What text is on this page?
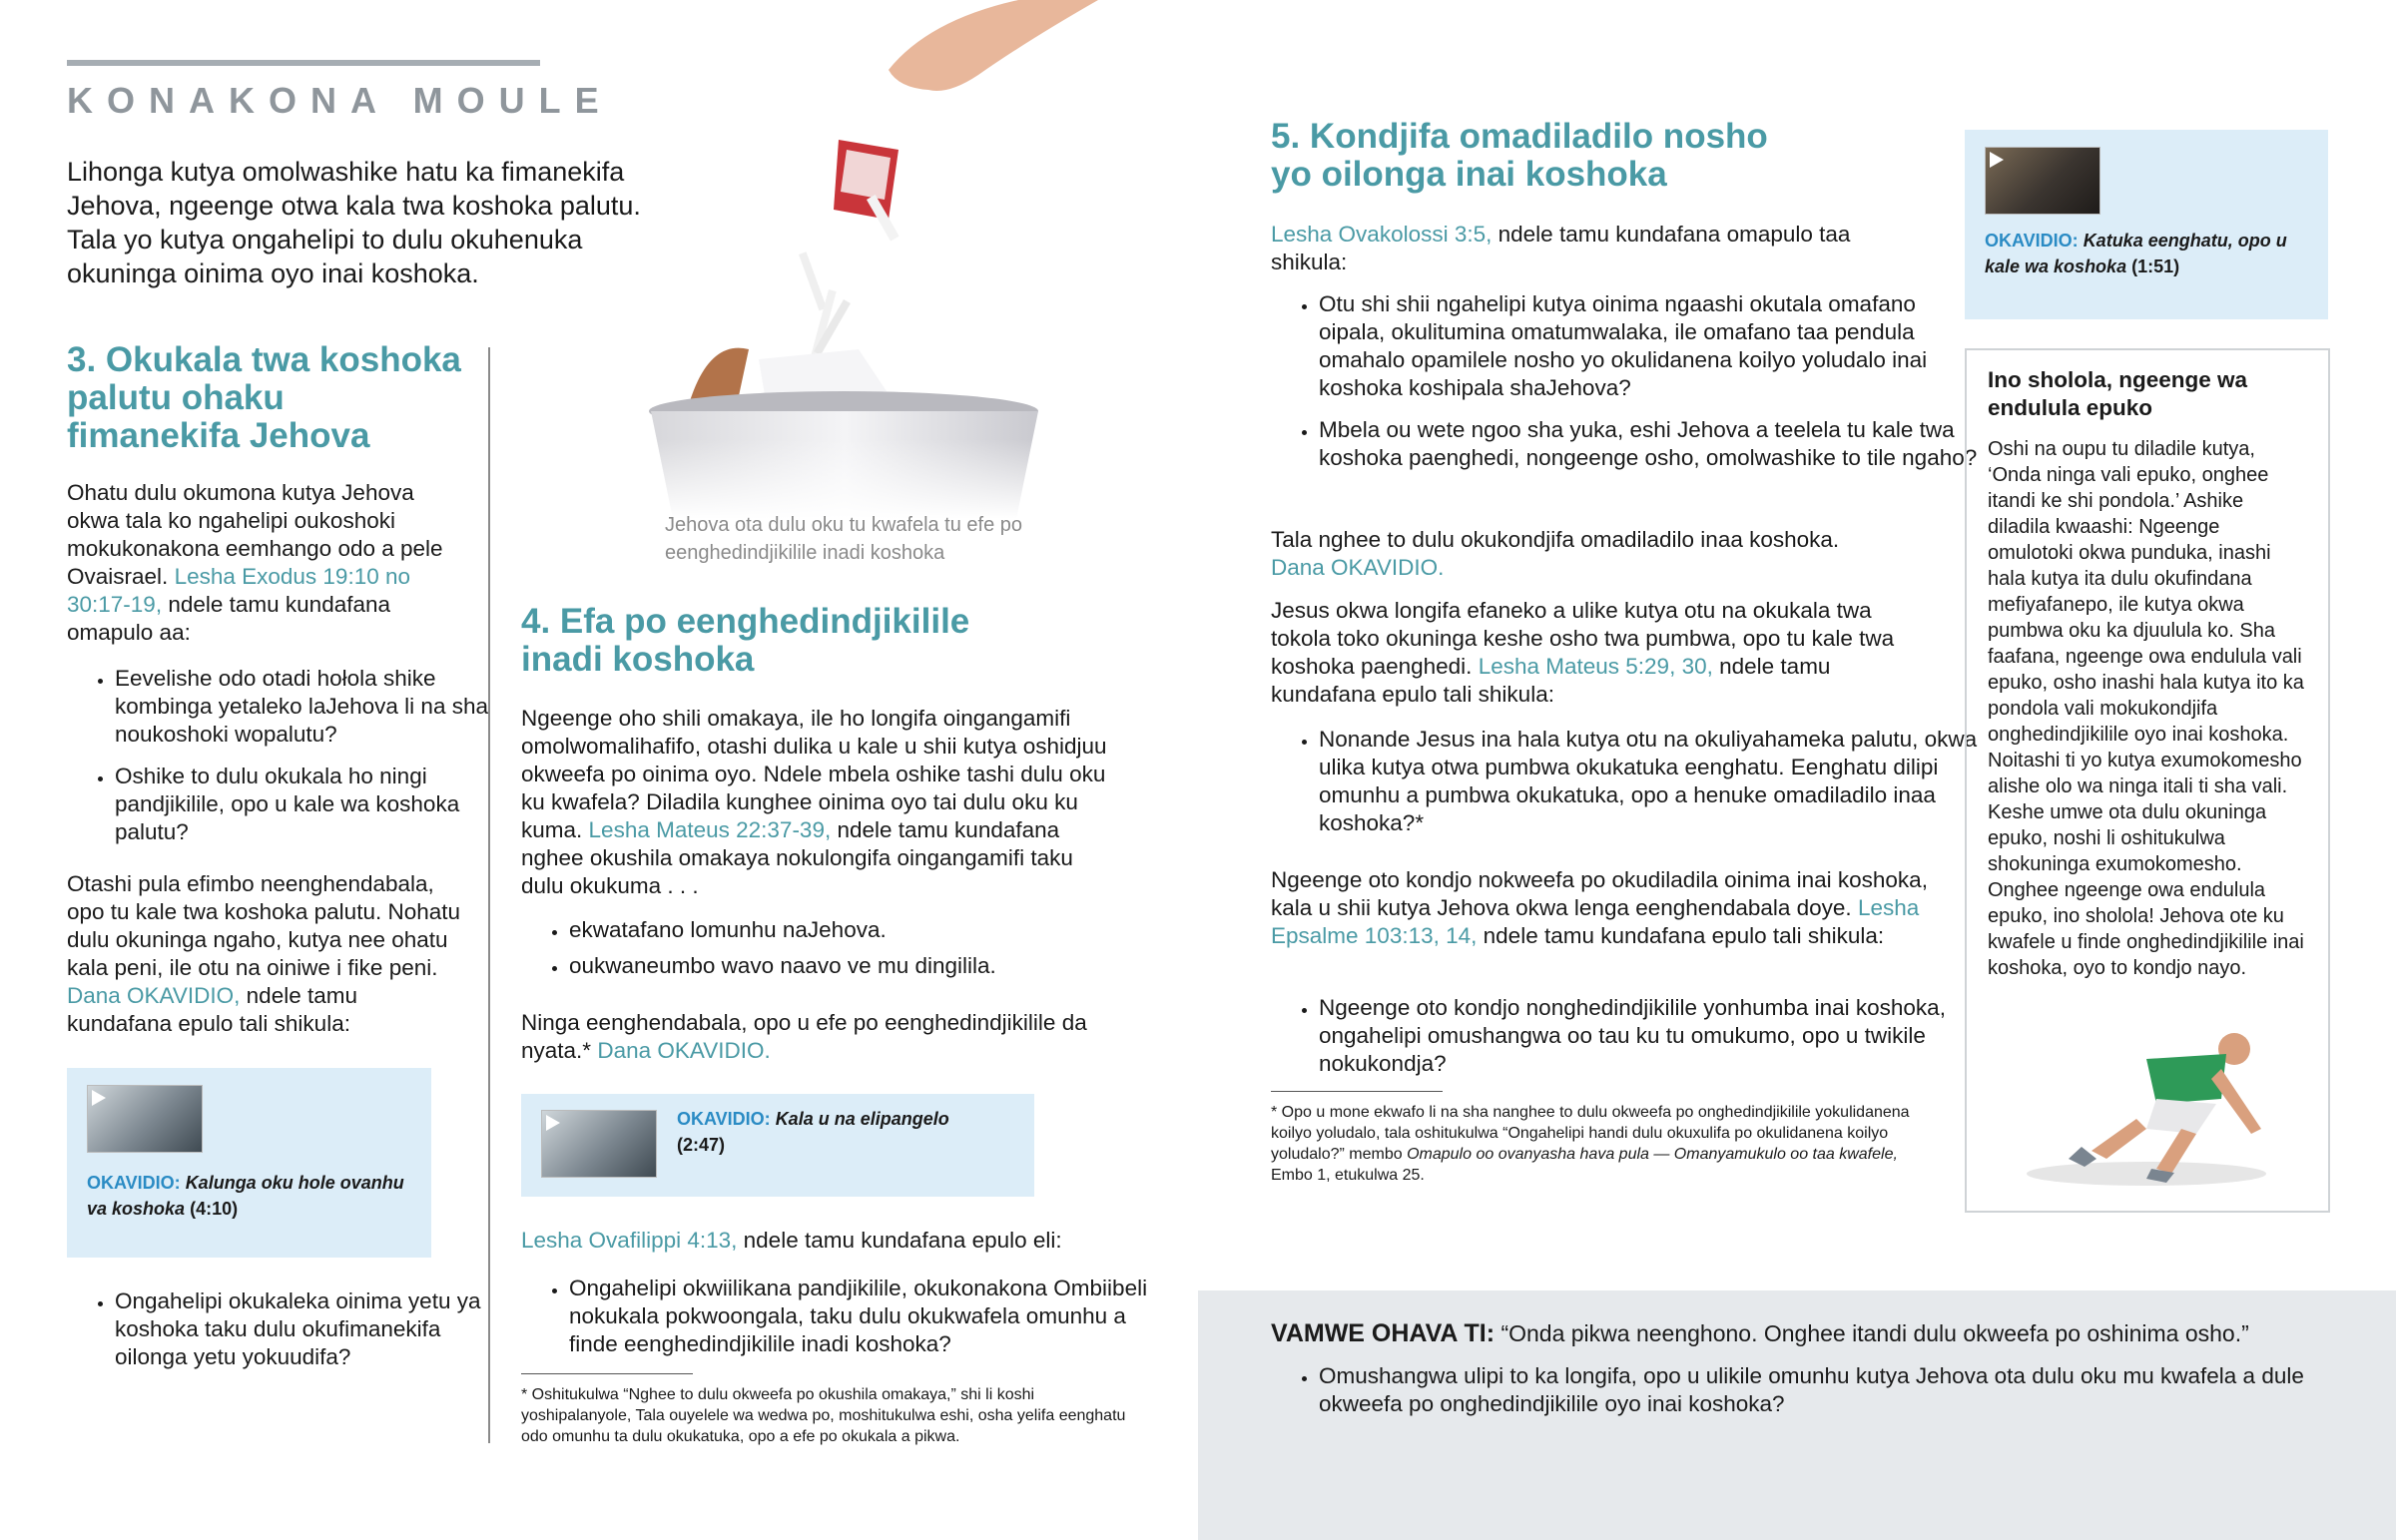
KONAKONA MOULE
Lihonga kutya omolwashike hatu ka fimanekifa Jehova, ngeenge otwa kala twa koshoka palutu. Tala yo kutya ongahelipi to dulu okuhenuka okuninga oinima oyo inai koshoka.
3. Okukala twa koshoka palutu ohaku fimanekifa Jehova
Ohatu dulu okumona kutya Jehova okwa tala ko ngahelipi oukoshoki mokukonakona eemhango odo a pele Ovaisrael. Lesha Exodus 19:10 no 30:17-19, ndele tamu kundafana omapulo aa:
• Eevelishe odo otadi hołola shike kombinga yetaleko laJehova li na sha noukoshoki wopalutu?
• Oshike to dulu okukala ho ningi pandjikilile, opo u kale wa koshoka palutu?
Otashi pula efimbo neenghendabala, opo tu kale twa koshoka palutu. Nohatu dulu okuninga ngaho, kutya nee ohatu kala peni, ile otu na oiniwe i fike peni. Dana OKAVIDIO, ndele tamu kundafana epulo tali shikula:
OKAVIDIO: Kalunga oku hole ovanhu va koshoka (4:10)
• Ongahelipi okukaleka oinima yetu ya koshoka taku dulu okufimanekifa oilonga yetu yokuudifa?
Jehova ota dulu oku tu kwafela tu efe po eenghedindjikilile inadi koshoka
4. Efa po eenghedindjikilile inadi koshoka
Ngeenge oho shili omakaya, ile ho longifa oingangamifi omolwomalihafifo, otashi dulika u kale u shii kutya oshidjuu okweefa po oinima oyo. Ndele mbela oshike tashi dulu oku ku kwafela? Diladila kunghee oinima oyo tai dulu oku ku kuma. Lesha Mateus 22:37-39, ndele tamu kundafana nghee okushila omakaya nokulongifa oingangamifi taku dulu okukuma . . .
• ekwatafano lomunhu naJehova.
• oukwaneumbo wavo naavo ve mu dingilila.
Ninga eenghendabala, opo u efe po eenghedindjikilile da nyata.* Dana OKAVIDIO.
OKAVIDIO: Kala u na elipangelo
(2:47)
Lesha Ovafilippi 4:13, ndele tamu kundafana epulo eli:
• Ongahelipi okwiilikana pandjikilile, okukonakona Ombiibeli nokukala pokwoongala, taku dulu okukwafela omunhu a finde eenghedindjikilile inadi koshoka?
* Oshitukulwa “Nghee to dulu okweefa po okushila omakaya,” shi li koshi yoshipalanyole, Tala ouyelele wa wedwa po, moshitukulwa eshi, osha yelifa eenghatu odo omunhu ta dulu okukatuka, opo a efe po okukala a pikwa.
5. Kondjifa omadiladilo nosho yo oilonga inai koshoka
Lesha Ovakolossi 3:5, ndele tamu kundafana omapulo taa shikula:
• Otu shi shii ngahelipi kutya oinima ngaashi okutala omafano oipala, okulitumina omatumwalaka, ile omafano taa pendula omahalo opamilele nosho yo okulidanena koilyo yoludalo inai koshoka koshipala shaJehova?
• Mbela ou wete ngoo sha yuka, eshi Jehova a teelela tu kale twa koshoka paenghedi, nongeenge osho, omolwashike to tile ngaho?
Tala nghee to dulu okukondjifa omadiladilo inaa koshoka.
Dana OKAVIDIO.
Jesus okwa longifa efaneko a ulike kutya otu na okukala twa tokola toko okuninga keshe osho twa pumbwa, opo tu kale twa koshoka paenghedi. Lesha Mateus 5:29, 30, ndele tamu kundafana epulo tali shikula:
• Nonande Jesus ina hala kutya otu na okuliyahameka palutu, okwa ulika kutya otwa pumbwa okukatuka eenghatu. Eenghatu dilipi omunhu a pumbwa okukatuka, opo a henuke omadiladilo inaa koshoka?*
Ngeenge oto kondjo nokweefa po okudiladila oinima inai koshoka, kala u shii kutya Jehova okwa lenga eenghendabala doye. Lesha Epsalme 103:13, 14, ndele tamu kundafana epulo tali shikula:
• Ngeenge oto kondjo nonghedindjikilile yonhumba inai koshoka, ongahelipi omushangwa oo tau ku tu omukumo, opo u twikile nokukondja?
* Opo u mone ekwafo li na sha nanghee to dulu okweefa po onghedindjikilile yokulidanena koilyo yoludalo, tala oshitukulwa “Ongahelipi handi dulu okuxulifa po okulidanena koilyo yoludalo?” membo Omapulo oo ovanyasha hava pula — Omanyamukulo oo taa kwafele, Embo 1, etukulwa 25.
OKAVIDIO: Katuka eenghatu, opo u kale wa koshoka (1:51)
Ino sholola, ngeenge wa endulula epuko
Oshi na oupu tu diladile kutya, ‘Onda ninga vali epuko, onghee itandi ke shi pondola.’ Ashike diladila kwaashi: Ngeenge omulotoki okwa punduka, inashi hala kutya ita dulu okufindana mefiyafanepo, ile kutya okwa pumbwa oku ka djuulula ko. Sha faafana, ngeenge owa endulula vali epuko, osho inashi hala kutya ito ka pondola vali mokukondjifa onghedindjikilile oyo inai koshoka. Noitashi ti yo kutya exumokomesho alishe olo wa ninga itali ti sha vali. Keshe umwe ota dulu okuninga epuko, noshi li oshitukulwa shokuninga exumokomesho. Onghee ngeenge owa endulula epuko, ino sholola! Jehova ote ku kwafele u finde onghedindjikilile inai koshoka, oyo to kondjo nayo.
VAMWE OHAVA TI: “Onda pikwa neenghono. Onghee itandi dulu okweefa po oshinima osho.”
• Omushangwa ulipi to ka longifa, opo u ulikile omunhu kutya Jehova ota dulu oku mu kwafela a dule okweefa po onghedindjikilile oyo inai koshoka?
